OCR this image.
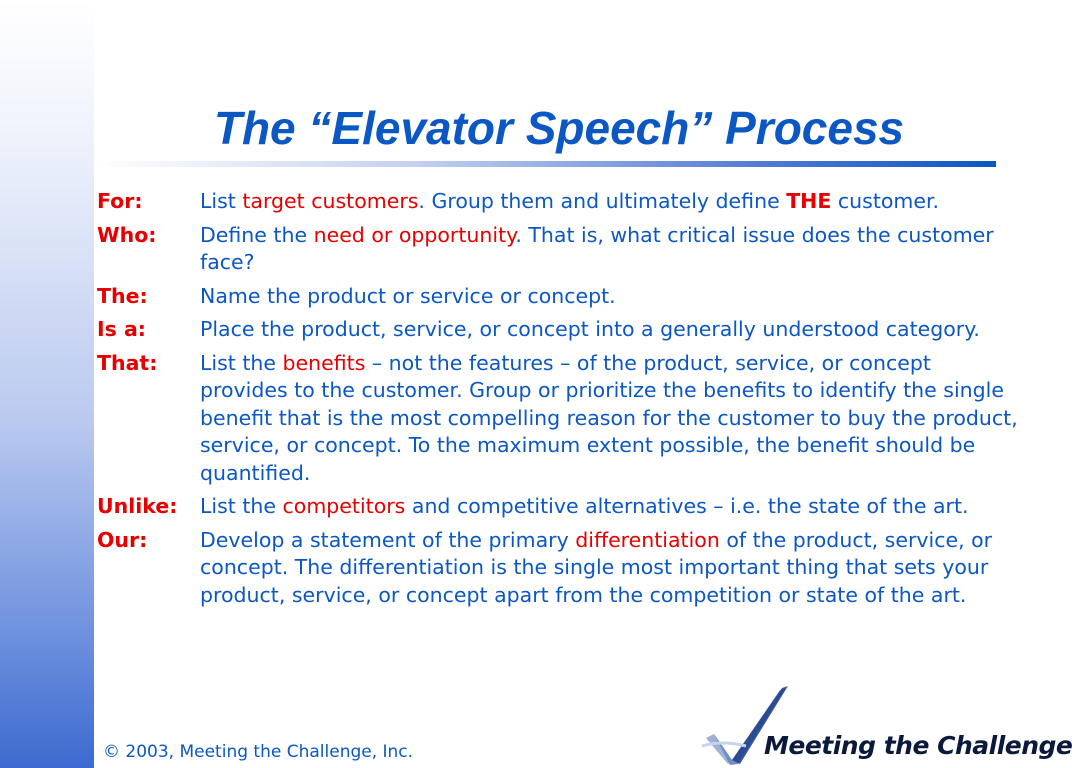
The “Elevator Speech” Process
For:	List target customers. Group them and ultimately define THE customer.
Who: Define the need or opportunity. That is, what critical issue does the customer face?
The:	Name the product or service or concept.
Is a:	Place the product, service, or concept into a generally understood category.
That: List the benefits – not the features – of the product, service, or concept provides to the customer. Group or prioritize the benefits to identify the single benefit that is the most compelling reason for the customer to buy the product, service, or concept. To the maximum extent possible, the benefit should be quantified.
Unlike: List the competitors and competitive alternatives – i.e. the state of the art.
Our:	Develop a statement of the primary differentiation of the product, service, or concept. The differentiation is the single most important thing that sets your product, service, or concept apart from the competition or state of the art.
© 2003, Meeting the Challenge, Inc.	Meeting the Challenge
